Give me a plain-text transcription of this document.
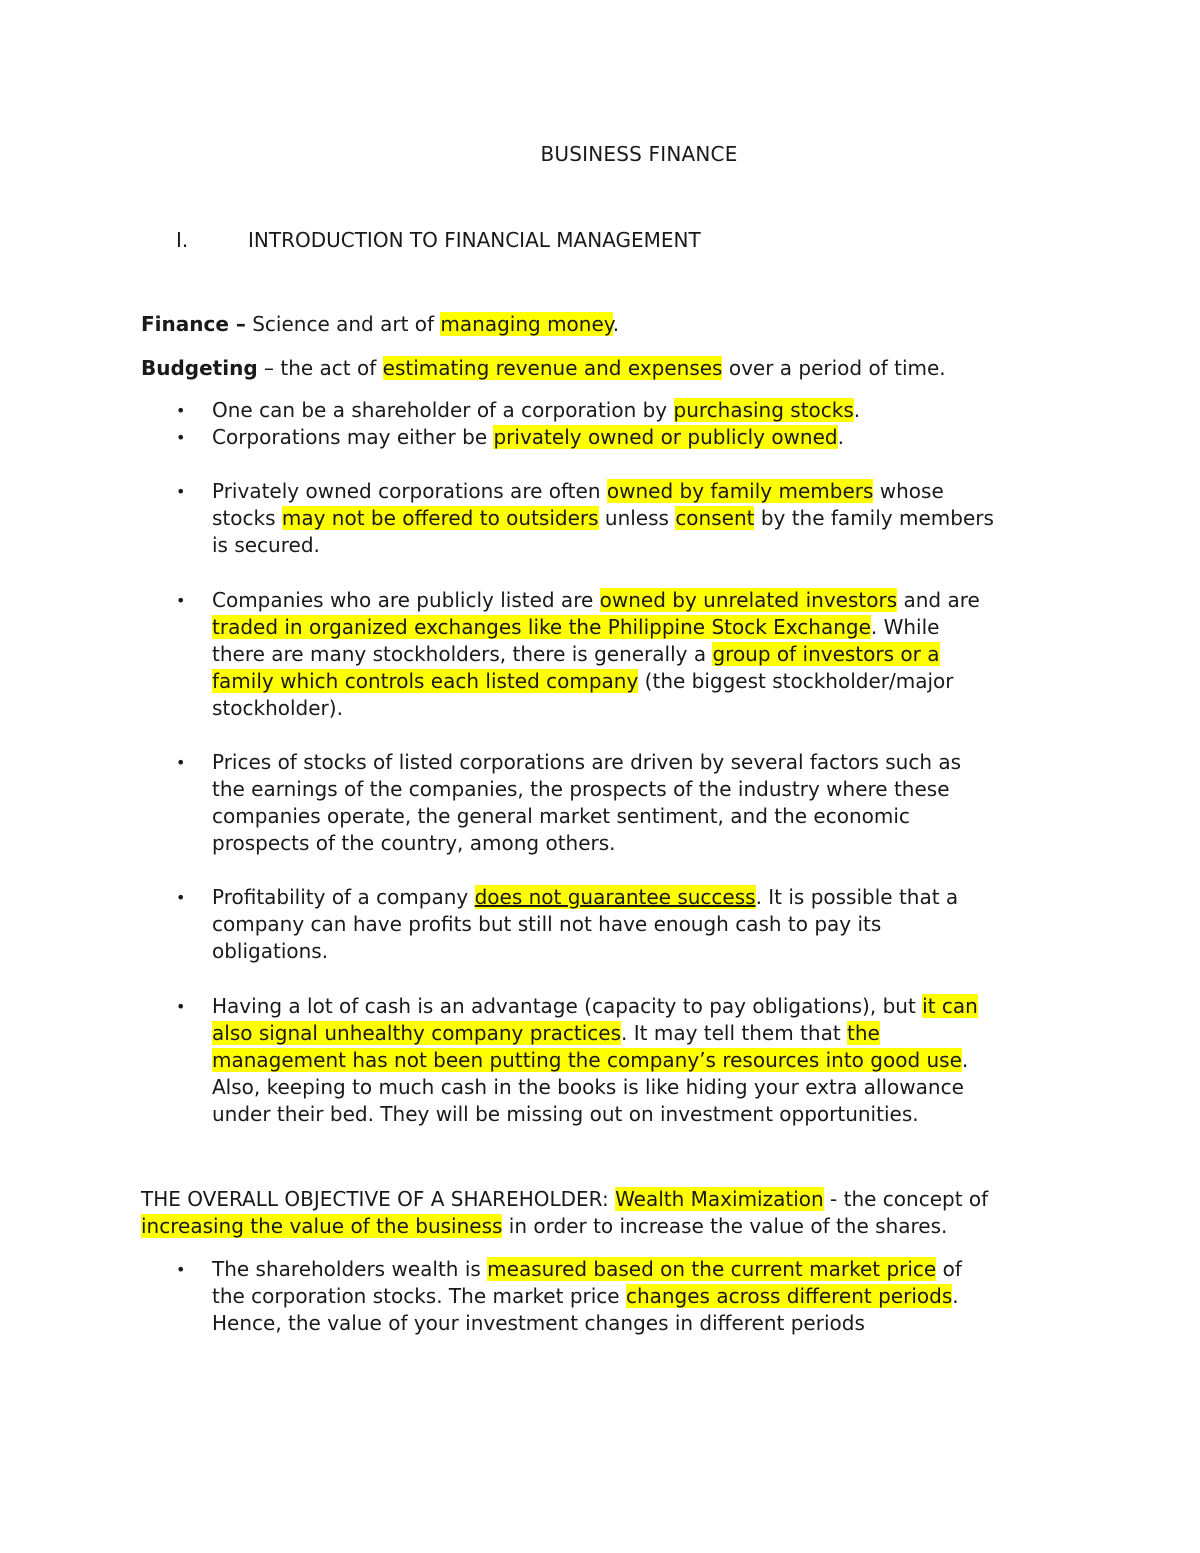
BUSINESS FINANCE
I.	INTRODUCTION TO FINANCIAL MANAGEMENT
Finance – Science and art of managing money.
Budgeting – the act of estimating revenue and expenses over a period of time.
• One can be a shareholder of a corporation by purchasing stocks.
• Corporations may either be privately owned or publicly owned.
• Privately owned corporations are often owned by family members whose
stocks may not be offered to outsiders unless consent by the family members
is secured.
• Companies who are publicly listed are owned by unrelated investors and are
traded in organized exchanges like the Philippine Stock Exchange. While
there are many stockholders, there is generally a group of investors or a
family which controls each listed company (the biggest stockholder/major
stockholder).
• Prices of stocks of listed corporations are driven by several factors such as
the earnings of the companies, the prospects of the industry where these
companies operate, the general market sentiment, and the economic
prospects of the country, among others.
• Profitability of a company does not guarantee success. It is possible that a
company can have profits but still not have enough cash to pay its
obligations.
• Having a lot of cash is an advantage (capacity to pay obligations), but it can
also signal unhealthy company practices. It may tell them that the
management has not been putting the company’s resources into good use.
Also, keeping to much cash in the books is like hiding your extra allowance
under their bed. They will be missing out on investment opportunities.
THE OVERALL OBJECTIVE OF A SHAREHOLDER: Wealth Maximization - the concept of
increasing the value of the business in order to increase the value of the shares.
• The shareholders wealth is measured based on the current market price of
the corporation stocks. The market price changes across different periods.
Hence, the value of your investment changes in different periods
